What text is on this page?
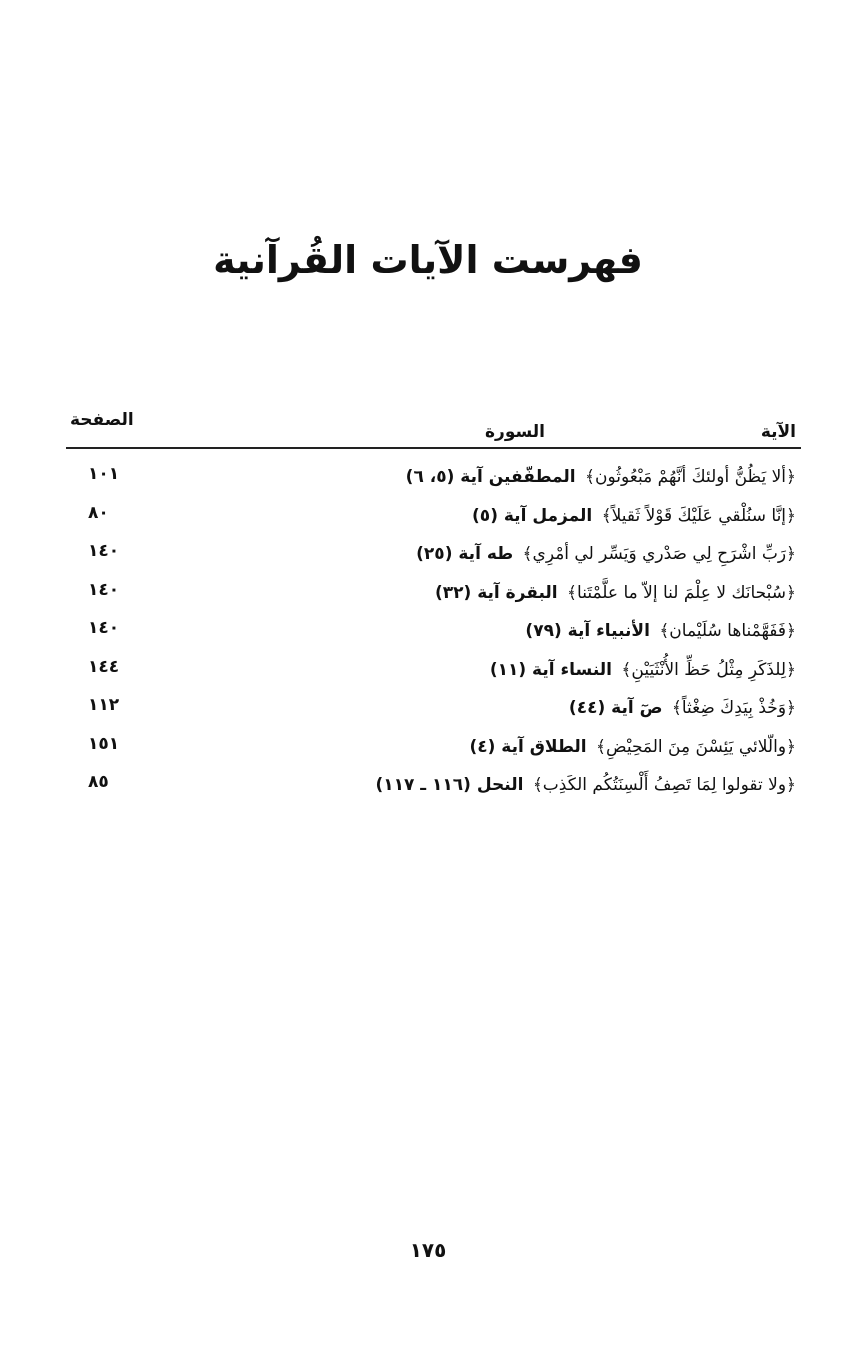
فهرست الآيات القُرآنية
الآية
السورة
الصفحة
﴿ألا يَظُنُّ أولئكَ أنَّهُمْ مَبْعُوثُون﴾ المطفّفين آية (٥، ٦)
١٠١
﴿إنَّا سنُلْقي عَلَيْكَ قَوْلاً ثَقيلاً﴾ المزمل آية (٥)
٨٠
﴿رَبِّ اشْرَحِ لِي صَدْري وَيَسِّر لي أمْرِي﴾ طه آية (٢٥)
١٤٠
﴿سُبْحانَك لا عِلْمَ لنا إلاّ ما علَّمْتَنا﴾ البقرة آية (٣٢)
١٤٠
﴿فَفَهَّمْناها سُلَيْمان﴾ الأنبياء آية (٧٩)
١٤٠
﴿لِلذَكَرِ مِثْلُ حَظِّ الأُنْثَيَيْنِ﴾ النساء آية (١١)
١٤٤
﴿وَخُذْ بِيَدِكَ ضِغْثاً﴾ صٓ آية (٤٤)
١١٢
﴿والّلائي يَئِسْنَ مِنَ المَحِيْضِ﴾ الطلاق آية (٤)
١٥١
﴿ولا تقولوا لِمَا تَصِفُ أَلْسِنَتُكُم الكَذِب﴾ النحل (١١٦ ـ ١١٧)
٨٥
١٧٥
